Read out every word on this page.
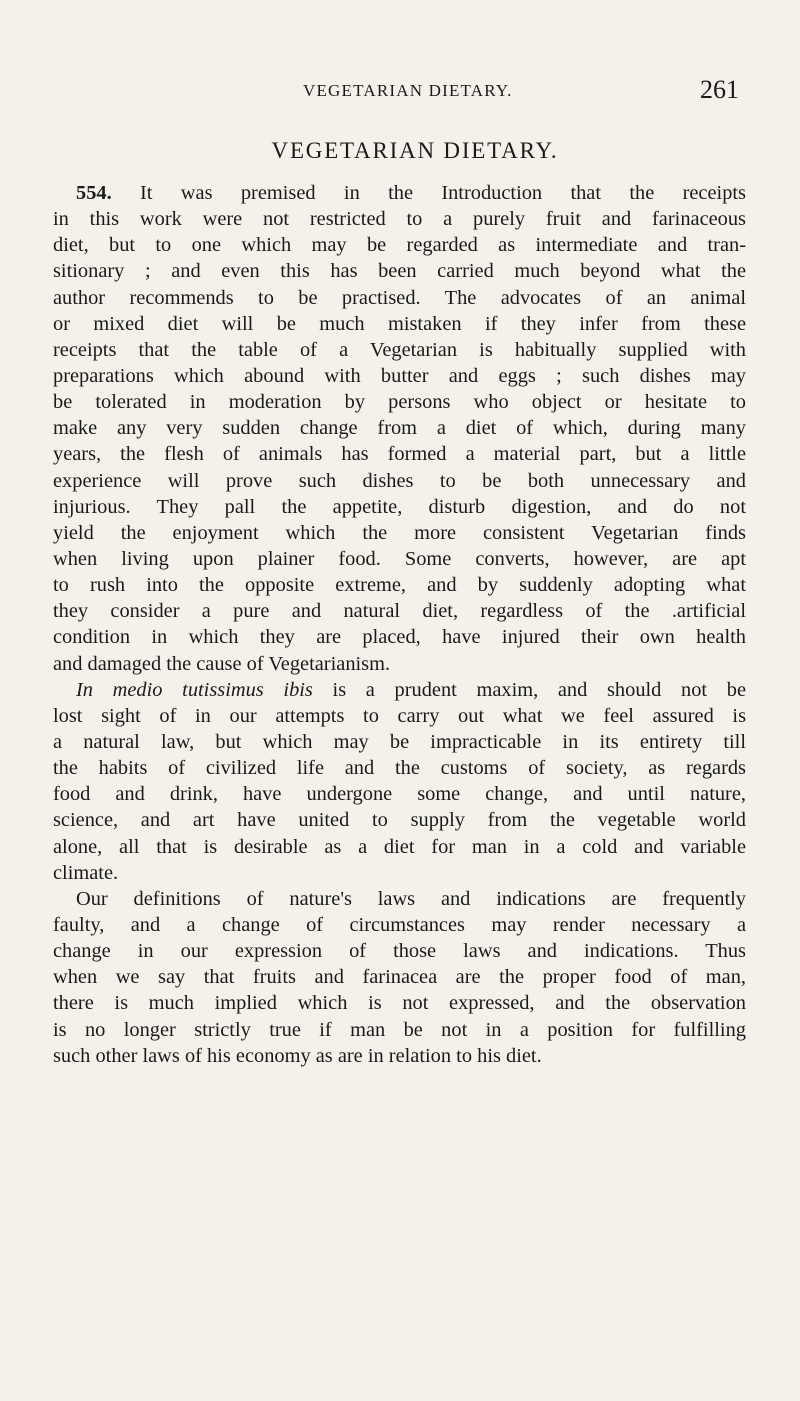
VEGETARIAN DIETARY.	261
VEGETARIAN DIETARY.
554. It was premised in the Introduction that the receipts
in this work were not restricted to a purely fruit and farinaceous
diet, but to one which may be regarded as intermediate and tran-
sitionary ; and even this has been carried much beyond what the
author recommends to be practised. The advocates of an animal
or mixed diet will be much mistaken if they infer from these
receipts that the table of a Vegetarian is habitually supplied with
preparations which abound with butter and eggs ; such dishes may
be tolerated in moderation by persons who object or hesitate to
make any very sudden change from a diet of which, during many
years, the flesh of animals has formed a material part, but a little
experience will prove such dishes to be both unnecessary and
injurious. They pall the appetite, disturb digestion, and do not
yield the enjoyment which the more consistent Vegetarian finds
when living upon plainer food. Some converts, however, are apt
to rush into the opposite extreme, and by suddenly adopting what
they consider a pure and natural diet, regardless of the .artificial
condition in which they are placed, have injured their own health
and damaged the cause of Vegetarianism.
In medio tutissimus ibis is a prudent maxim, and should not be
lost sight of in our attempts to carry out what we feel assured is
a natural law, but which may be impracticable in its entirety till
the habits of civilized life and the customs of society, as regards
food and drink, have undergone some change, and until nature,
science, and art have united to supply from the vegetable world
alone, all that is desirable as a diet for man in a cold and variable
climate.
Our definitions of nature's laws and indications are frequently
faulty, and a change of circumstances may render necessary a
change in our expression of those laws and indications. Thus
when we say that fruits and farinacea are the proper food of man,
there is much implied which is not expressed, and the observation
is no longer strictly true if man be not in a position for fulfilling
such other laws of his economy as are in relation to his diet.
